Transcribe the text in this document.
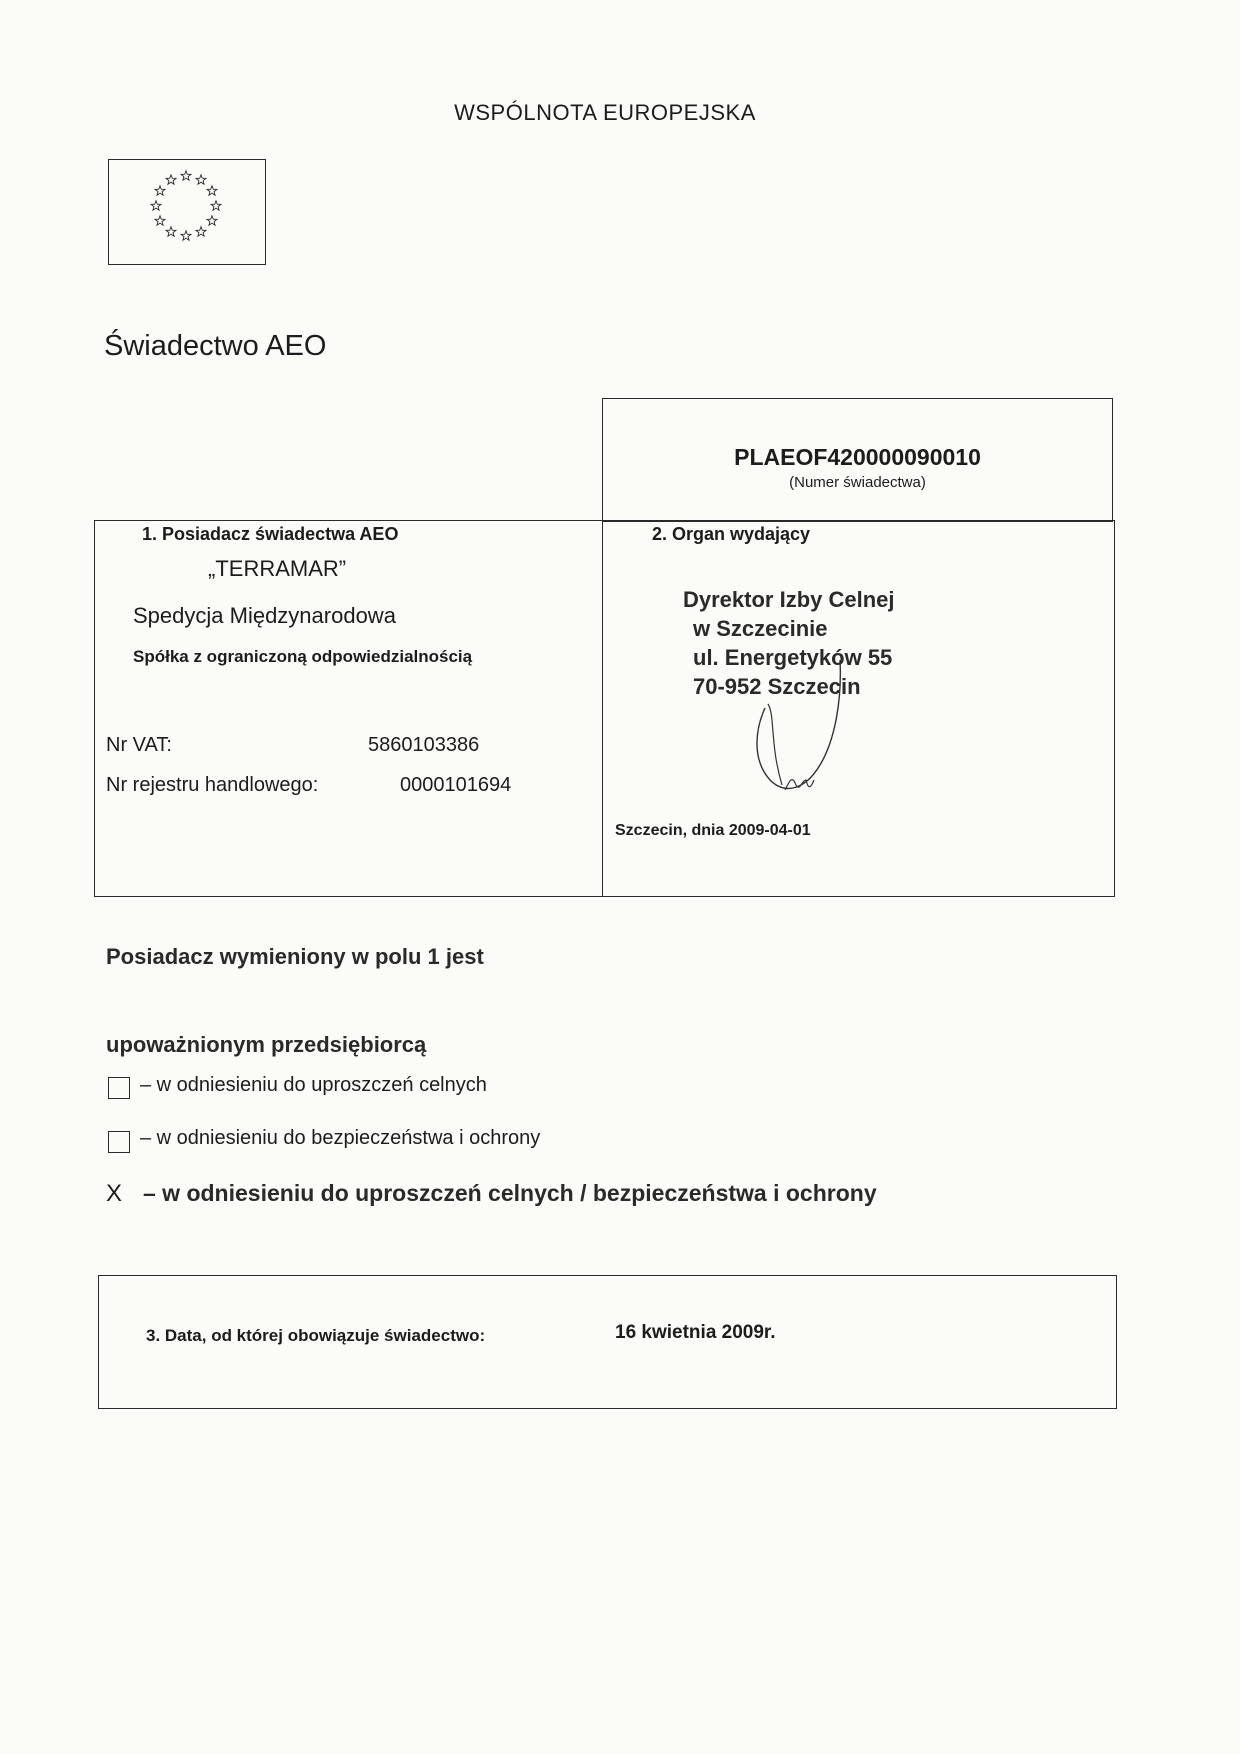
WSPÓLNOTA EUROPEJSKA
Świadectwo AEO
PLAEOF420000090010
(Numer świadectwa)
1. Posiadacz świadectwa AEO
„TERRAMAR”
Spedycja Międzynarodowa
Spółka z ograniczoną odpowiedzialnością
Nr VAT:	5860103386
Nr rejestru handlowego:	0000101694
2. Organ wydający
Dyrektor Izby Celnej
w Szczecinie
ul. Energetyków 55
70-952 Szczecin
Szczecin, dnia 2009-04-01
Posiadacz wymieniony w polu 1 jest
upoważnionym przedsiębiorcą
– w odniesieniu do uproszczeń celnych
– w odniesieniu do bezpieczeństwa i ochrony
X – w odniesieniu do uproszczeń celnych / bezpieczeństwa i ochrony
3. Data, od której obowiązuje świadectwo:	16 kwietnia 2009r.
